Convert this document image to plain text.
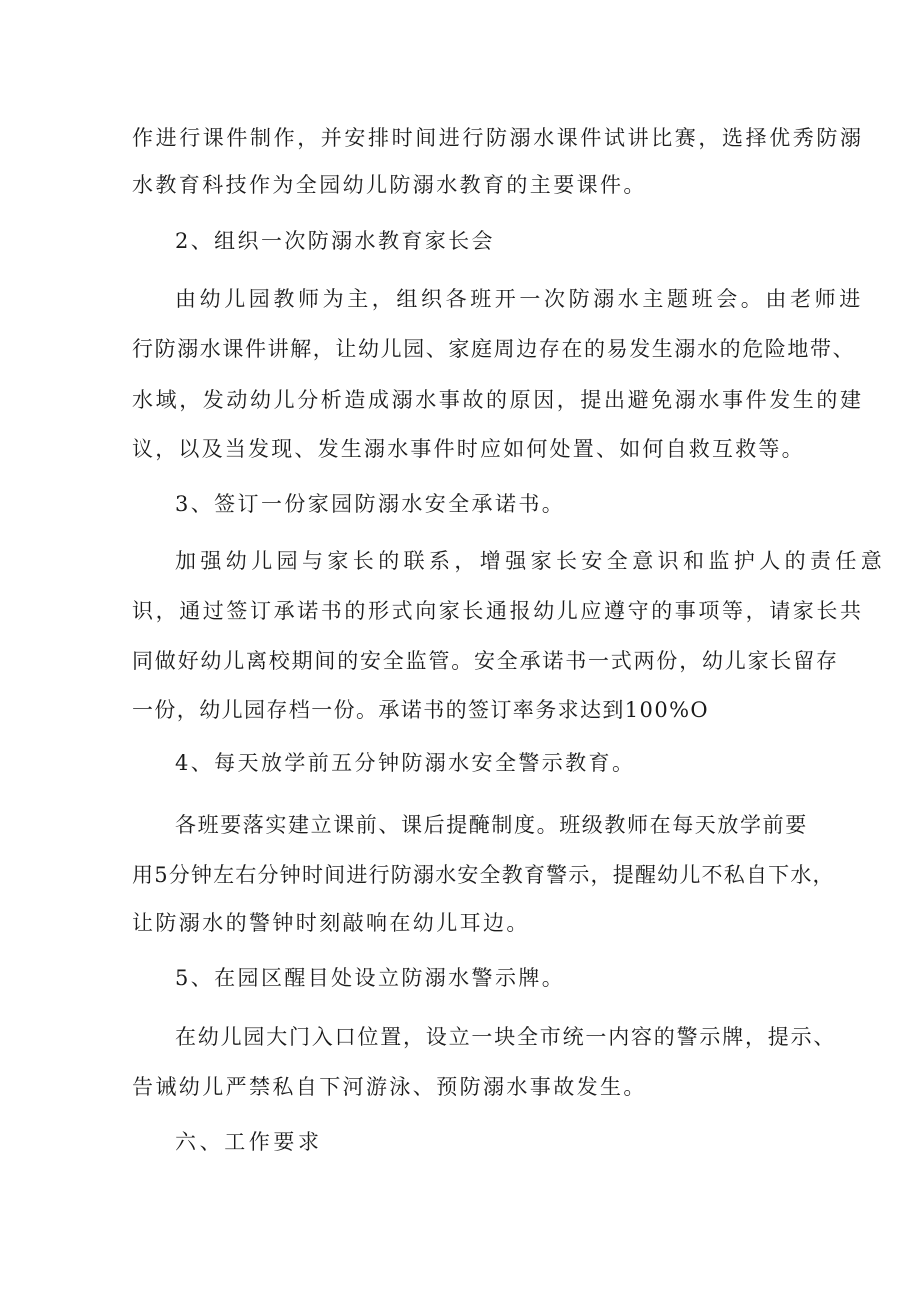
作进行课件制作，并安排时间进行防溺水课件试讲比赛，选择优秀防溺

水教育科技作为全园幼儿防溺水教育的主要课件。

2、组织一次防溺水教育家长会

由幼儿园教师为主，组织各班开一次防溺水主题班会。由老师进

行防溺水课件讲解，让幼儿园、家庭周边存在的易发生溺水的危险地带、

水域，发动幼儿分析造成溺水事故的原因，提出避免溺水事件发生的建

议，以及当发现、发生溺水事件时应如何处置、如何自救互救等。

3、签订一份家园防溺水安全承诺书。

加强幼儿园与家长的联系，增强家长安全意识和监护人的责任意

识，通过签订承诺书的形式向家长通报幼儿应遵守的事项等，请家长共

同做好幼儿离校期间的安全监管。安全承诺书一式两份，幼儿家长留存

一份，幼儿园存档一份。承诺书的签订率务求达到100%O

4、每天放学前五分钟防溺水安全警示教育。

各班要落实建立课前、课后提醃制度。班级教师在每天放学前要

用5分钟左右分钟时间进行防溺水安全教育警示，提醒幼儿不私自下水，

让防溺水的警钟时刻敲响在幼儿耳边。

5、在园区醒目处设立防溺水警示牌。

在幼儿园大门入口位置，设立一块全市统一内容的警示牌，提示、

告诫幼儿严禁私自下河游泳、预防溺水事故发生。

六、工作要求
